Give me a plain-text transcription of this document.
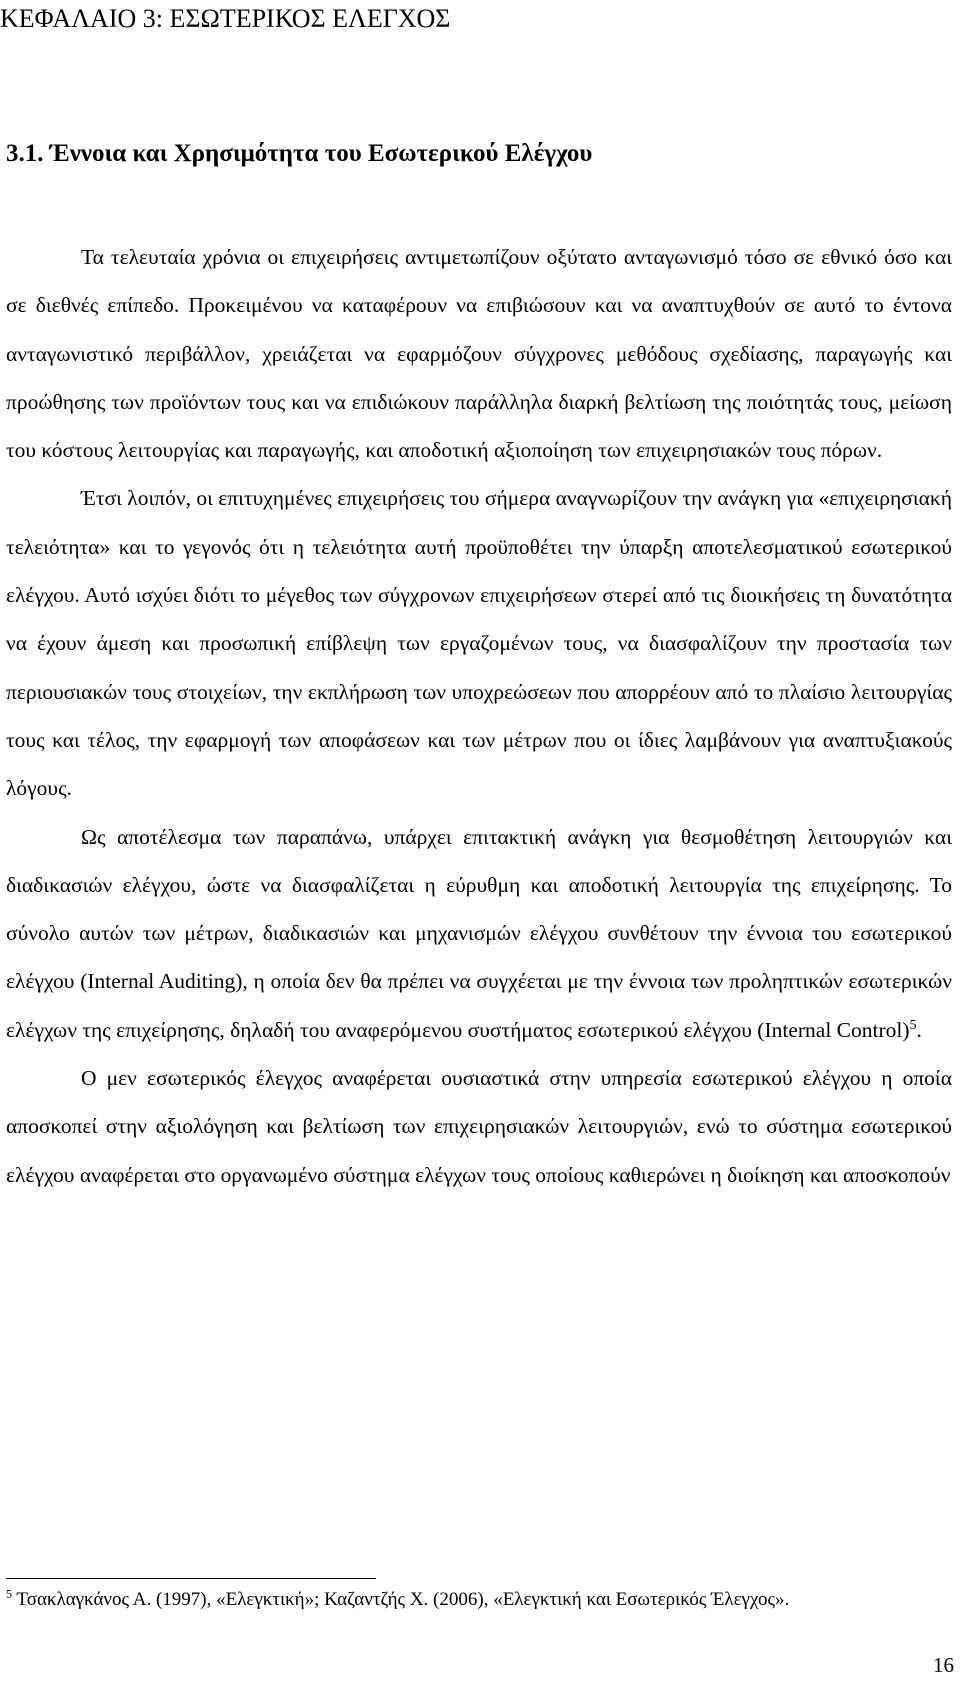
ΚΕΦΑΛΑΙΟ 3: ΕΣΩΤΕΡΙΚΟΣ ΕΛΕΓΧΟΣ
3.1. Έννοια και Χρησιμότητα του Εσωτερικού Ελέγχου

Τα τελευταία χρόνια οι επιχειρήσεις αντιμετωπίζουν οξύτατο ανταγωνισμό τόσο σε εθνικό όσο και σε διεθνές επίπεδο. Προκειμένου να καταφέρουν να επιβιώσουν και να αναπτυχθούν σε αυτό το έντονα ανταγωνιστικό περιβάλλον, χρειάζεται να εφαρμόζουν σύγχρονες μεθόδους σχεδίασης, παραγωγής και προώθησης των προϊόντων τους και να επιδιώκουν παράλληλα διαρκή βελτίωση της ποιότητάς τους, μείωση του κόστους λειτουργίας και παραγωγής, και αποδοτική αξιοποίηση των επιχειρησιακών τους πόρων.

Έτσι λοιπόν, οι επιτυχημένες επιχειρήσεις του σήμερα αναγνωρίζουν την ανάγκη για «επιχειρησιακή τελειότητα» και το γεγονός ότι η τελειότητα αυτή προϋποθέτει την ύπαρξη αποτελεσματικού εσωτερικού ελέγχου. Αυτό ισχύει διότι το μέγεθος των σύγχρονων επιχειρήσεων στερεί από τις διοικήσεις τη δυνατότητα να έχουν άμεση και προσωπική επίβλεψη των εργαζομένων τους, να διασφαλίζουν την προστασία των περιουσιακών τους στοιχείων, την εκπλήρωση των υποχρεώσεων που απορρέουν από το πλαίσιο λειτουργίας τους και τέλος, την εφαρμογή των αποφάσεων και των μέτρων που οι ίδιες λαμβάνουν για αναπτυξιακούς λόγους.

Ως αποτέλεσμα των παραπάνω, υπάρχει επιτακτική ανάγκη για θεσμοθέτηση λειτουργιών και διαδικασιών ελέγχου, ώστε να διασφαλίζεται η εύρυθμη και αποδοτική λειτουργία της επιχείρησης. Το σύνολο αυτών των μέτρων, διαδικασιών και μηχανισμών ελέγχου συνθέτουν την έννοια του εσωτερικού ελέγχου (Internal Auditing), η οποία δεν θα πρέπει να συγχέεται με την έννοια των προληπτικών εσωτερικών ελέγχων της επιχείρησης, δηλαδή του αναφερόμενου συστήματος εσωτερικού ελέγχου (Internal Control)$^5$.

Ο μεν εσωτερικός έλεγχος αναφέρεται ουσιαστικά στην υπηρεσία εσωτερικού ελέγχου η οποία αποσκοπεί στην αξιολόγηση και βελτίωση των επιχειρησιακών λειτουργιών, ενώ το σύστημα εσωτερικού ελέγχου αναφέρεται στο οργανωμένο σύστημα ελέγχων τους οποίους καθιερώνει η διοίκηση και αποσκοπούν

$^5$ Τσακλαγκάνος Α. (1997), «Ελεγκτική»; Καζαντζής Χ. (2006), «Ελεγκτική και Εσωτερικός Έλεγχος».
16
